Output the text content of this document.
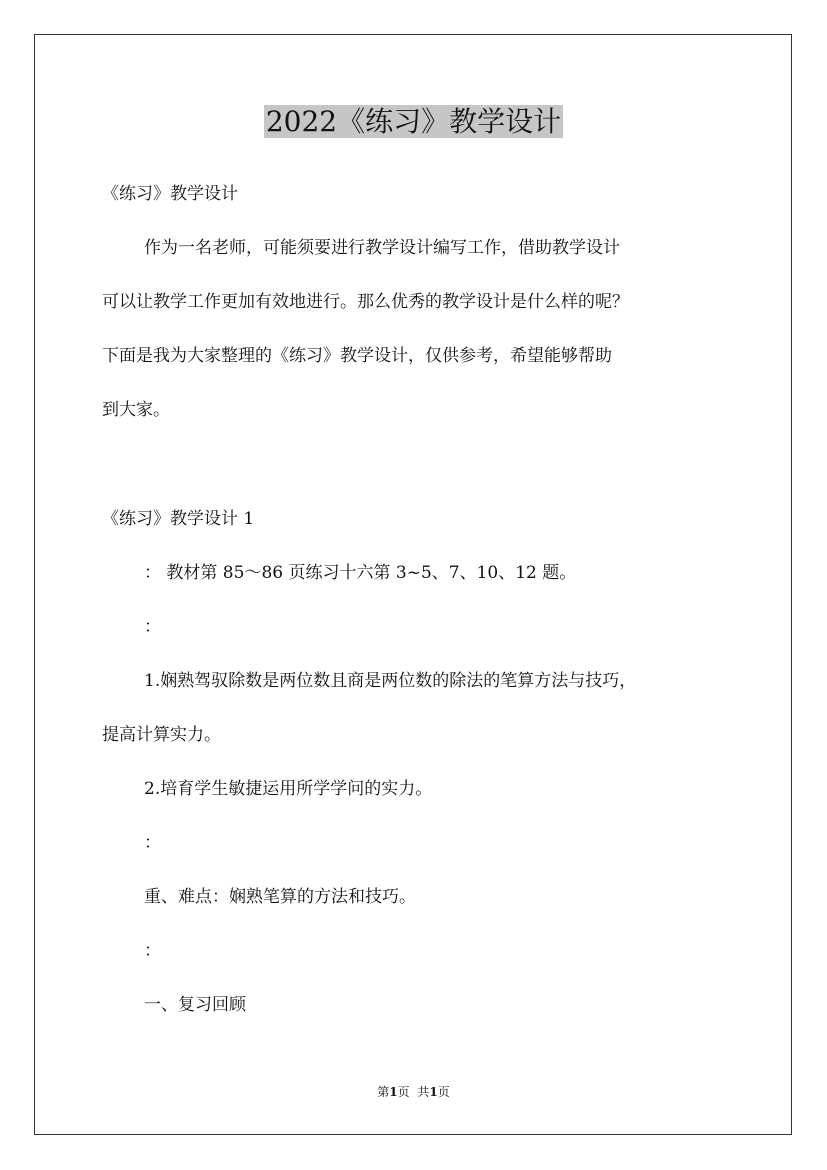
2022《练习》教学设计

《练习》教学设计

作为一名老师，可能须要进行教学设计编写工作，借助教学设计

可以让教学工作更加有效地进行。那么优秀的教学设计是什么样的呢？

下面是我为大家整理的《练习》教学设计，仅供参考，希望能够帮助

到大家。

《练习》教学设计 1

： 教材第 85～86 页练习十六第 3~5、7、10、12 题。

：

1.娴熟驾驭除数是两位数且商是两位数的除法的笔算方法与技巧，

提高计算实力。

2.培育学生敏捷运用所学学问的实力。

：

重、难点：娴熟笔算的方法和技巧。

：

一、复习回顾

第1页 共1页
